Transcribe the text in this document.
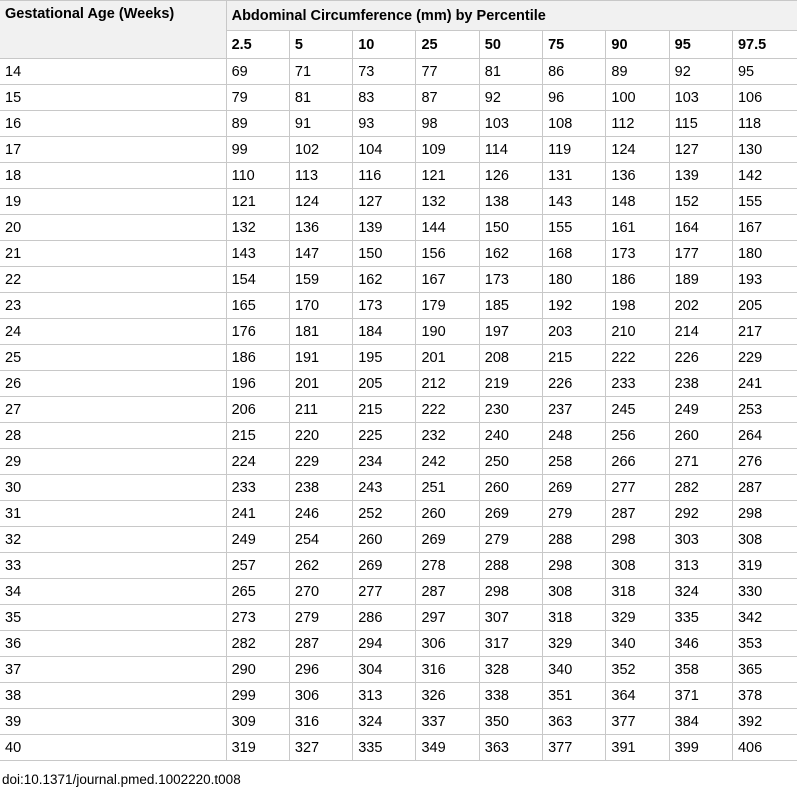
Gestational Age (Weeks)	Abdominal Circumference (mm) by Percentile								
	2.5	5	10	25	50	75	90	95	97.5
14	69	71	73	77	81	86	89	92	95
15	79	81	83	87	92	96	100	103	106
16	89	91	93	98	103	108	112	115	118
17	99	102	104	109	114	119	124	127	130
18	110	113	116	121	126	131	136	139	142
19	121	124	127	132	138	143	148	152	155
20	132	136	139	144	150	155	161	164	167
21	143	147	150	156	162	168	173	177	180
22	154	159	162	167	173	180	186	189	193
23	165	170	173	179	185	192	198	202	205
24	176	181	184	190	197	203	210	214	217
25	186	191	195	201	208	215	222	226	229
26	196	201	205	212	219	226	233	238	241
27	206	211	215	222	230	237	245	249	253
28	215	220	225	232	240	248	256	260	264
29	224	229	234	242	250	258	266	271	276
30	233	238	243	251	260	269	277	282	287
31	241	246	252	260	269	279	287	292	298
32	249	254	260	269	279	288	298	303	308
33	257	262	269	278	288	298	308	313	319
34	265	270	277	287	298	308	318	324	330
35	273	279	286	297	307	318	329	335	342
36	282	287	294	306	317	329	340	346	353
37	290	296	304	316	328	340	352	358	365
38	299	306	313	326	338	351	364	371	378
39	309	316	324	337	350	363	377	384	392
40	319	327	335	349	363	377	391	399	406
doi:10.1371/journal.pmed.1002220.t008
